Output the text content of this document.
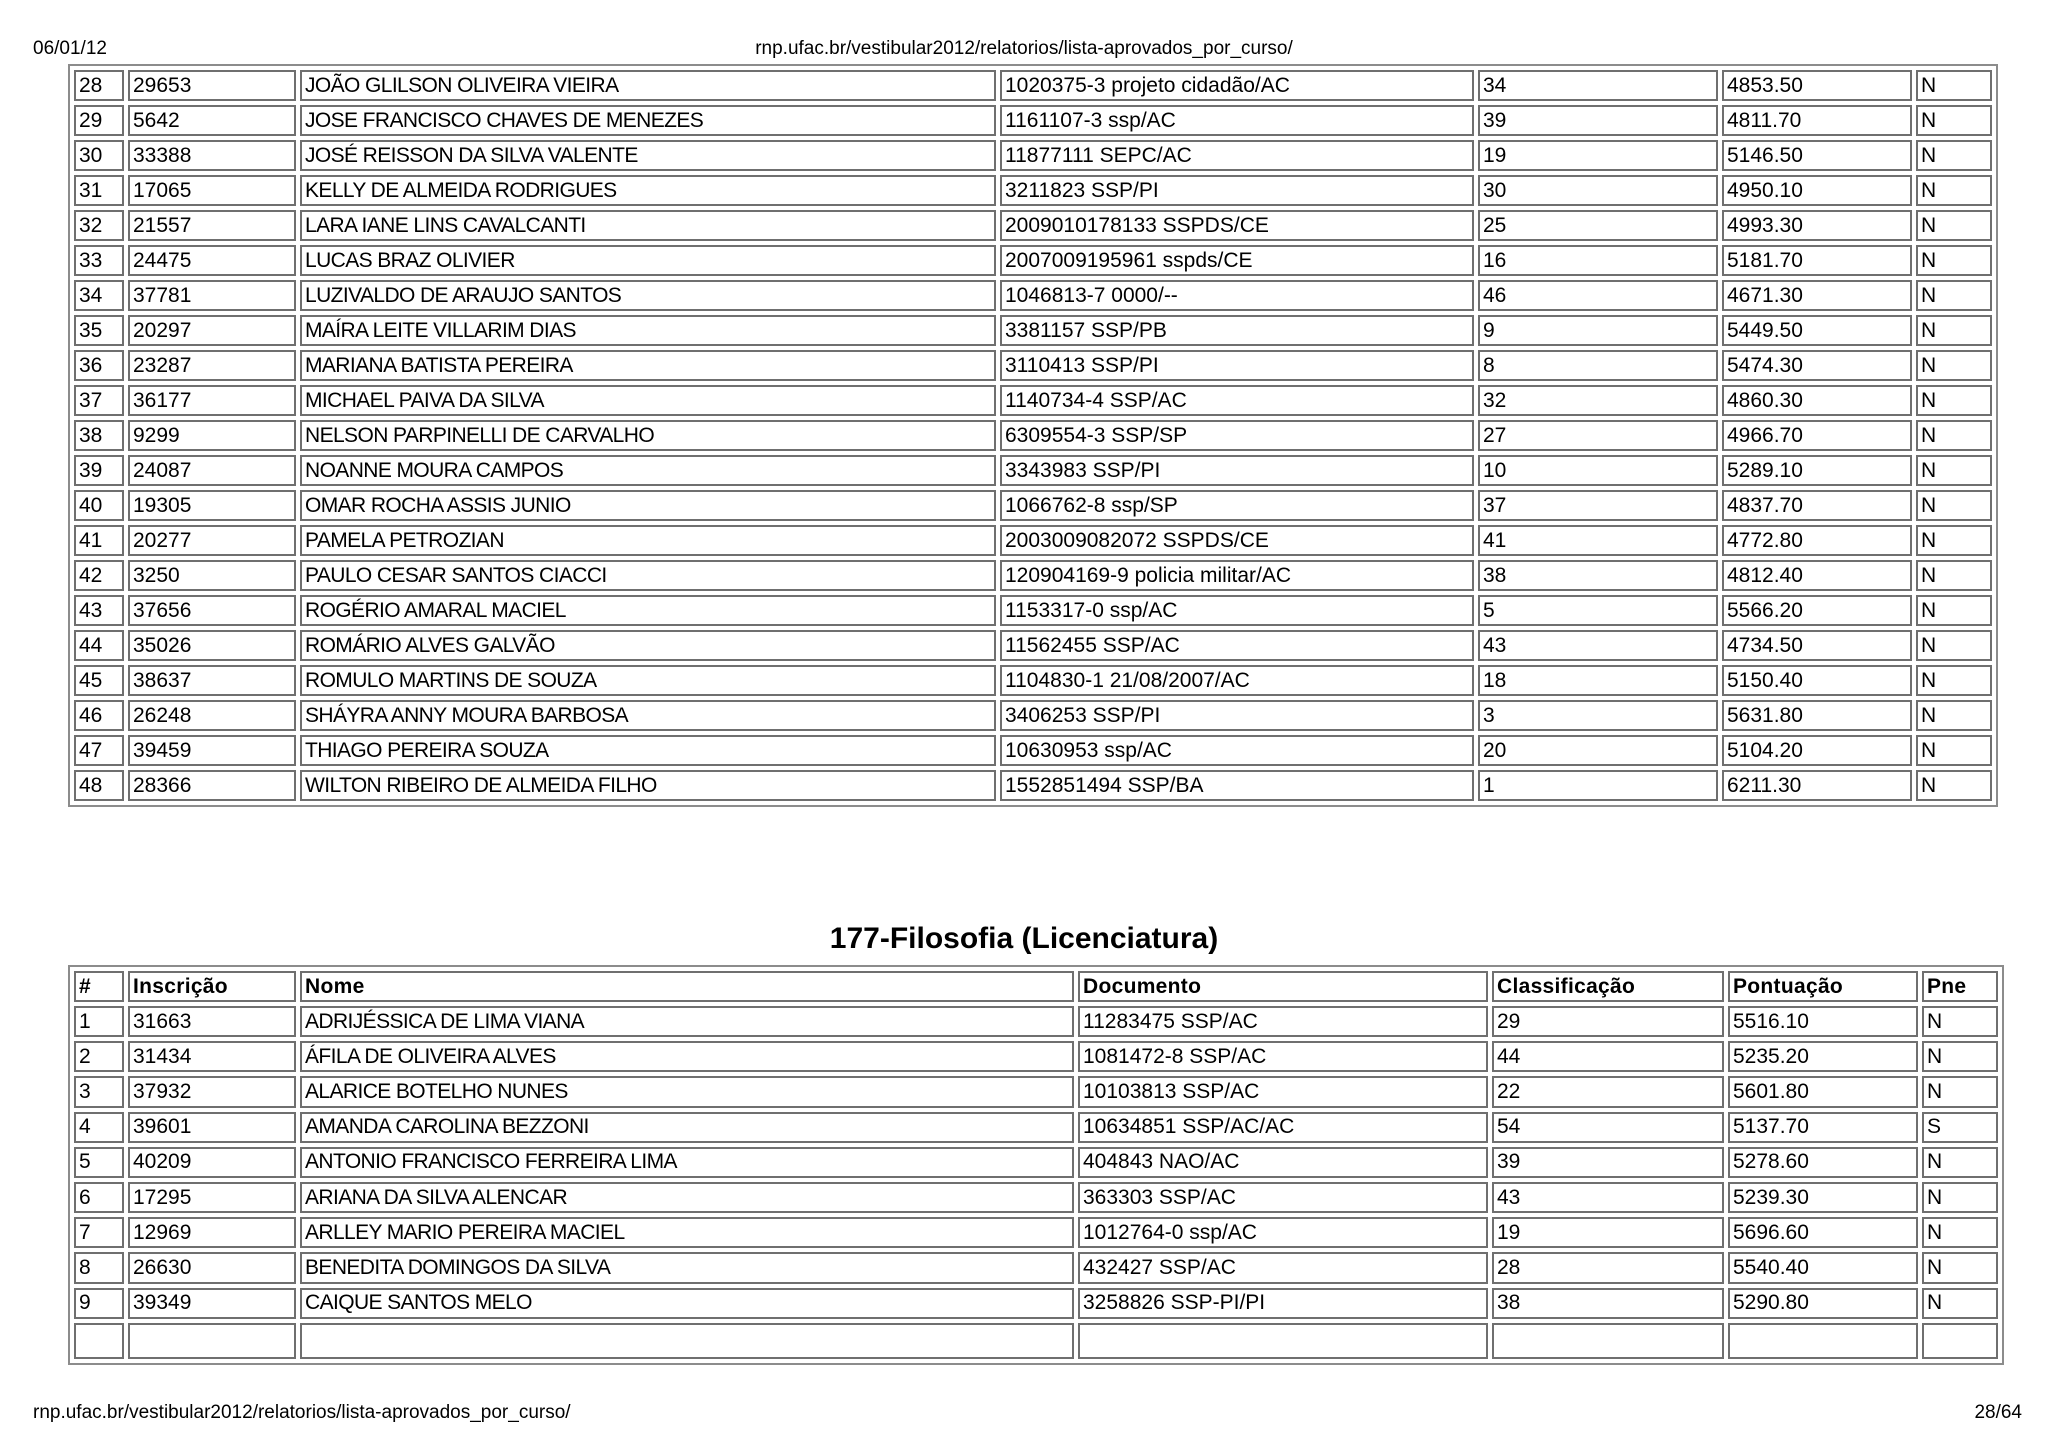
06/01/12	rnp.ufac.br/vestibular2012/relatorios/lista-aprovados_por_curso/
28	29653	JOÃO GLILSON OLIVEIRA VIEIRA	1020375-3 projeto cidadão/AC	34	4853.50	N
29	5642	JOSE FRANCISCO CHAVES DE MENEZES	1161107-3 ssp/AC	39	4811.70	N
30	33388	JOSÉ REISSON DA SILVA VALENTE	11877111 SEPC/AC	19	5146.50	N
31	17065	KELLY DE ALMEIDA RODRIGUES	3211823 SSP/PI	30	4950.10	N
32	21557	LARA IANE LINS CAVALCANTI	2009010178133 SSPDS/CE	25	4993.30	N
33	24475	LUCAS BRAZ OLIVIER	2007009195961 sspds/CE	16	5181.70	N
34	37781	LUZIVALDO DE ARAUJO SANTOS	1046813-7 0000/--	46	4671.30	N
35	20297	MAÍRA LEITE VILLARIM DIAS	3381157 SSP/PB	9	5449.50	N
36	23287	MARIANA BATISTA PEREIRA	3110413 SSP/PI	8	5474.30	N
37	36177	MICHAEL PAIVA DA SILVA	1140734-4 SSP/AC	32	4860.30	N
38	9299	NELSON PARPINELLI DE CARVALHO	6309554-3 SSP/SP	27	4966.70	N
39	24087	NOANNE MOURA CAMPOS	3343983 SSP/PI	10	5289.10	N
40	19305	OMAR ROCHA ASSIS JUNIO	1066762-8 ssp/SP	37	4837.70	N
41	20277	PAMELA PETROZIAN	2003009082072 SSPDS/CE	41	4772.80	N
42	3250	PAULO CESAR SANTOS CIACCI	120904169-9 policia militar/AC	38	4812.40	N
43	37656	ROGÉRIO AMARAL MACIEL	1153317-0 ssp/AC	5	5566.20	N
44	35026	ROMÁRIO ALVES GALVÃO	11562455 SSP/AC	43	4734.50	N
45	38637	ROMULO MARTINS DE SOUZA	1104830-1 21/08/2007/AC	18	5150.40	N
46	26248	SHÁYRA ANNY MOURA BARBOSA	3406253 SSP/PI	3	5631.80	N
47	39459	THIAGO PEREIRA SOUZA	10630953 ssp/AC	20	5104.20	N
48	28366	WILTON RIBEIRO DE ALMEIDA FILHO	1552851494 SSP/BA	1	6211.30	N
177-Filosofia (Licenciatura)
#	Inscrição	Nome	Documento	Classificação	Pontuação	Pne
1	31663	ADRIJÉSSICA DE LIMA VIANA	11283475 SSP/AC	29	5516.10	N
2	31434	ÁFILA DE OLIVEIRA ALVES	1081472-8 SSP/AC	44	5235.20	N
3	37932	ALARICE BOTELHO NUNES	10103813 SSP/AC	22	5601.80	N
4	39601	AMANDA CAROLINA BEZZONI	10634851 SSP/AC/AC	54	5137.70	S
5	40209	ANTONIO FRANCISCO FERREIRA LIMA	404843 NAO/AC	39	5278.60	N
6	17295	ARIANA DA SILVA ALENCAR	363303 SSP/AC	43	5239.30	N
7	12969	ARLLEY MARIO PEREIRA MACIEL	1012764-0 ssp/AC	19	5696.60	N
8	26630	BENEDITA DOMINGOS DA SILVA	432427 SSP/AC	28	5540.40	N
9	39349	CAIQUE SANTOS MELO	3258826 SSP-PI/PI	38	5290.80	N

rnp.ufac.br/vestibular2012/relatorios/lista-aprovados_por_curso/	28/64
